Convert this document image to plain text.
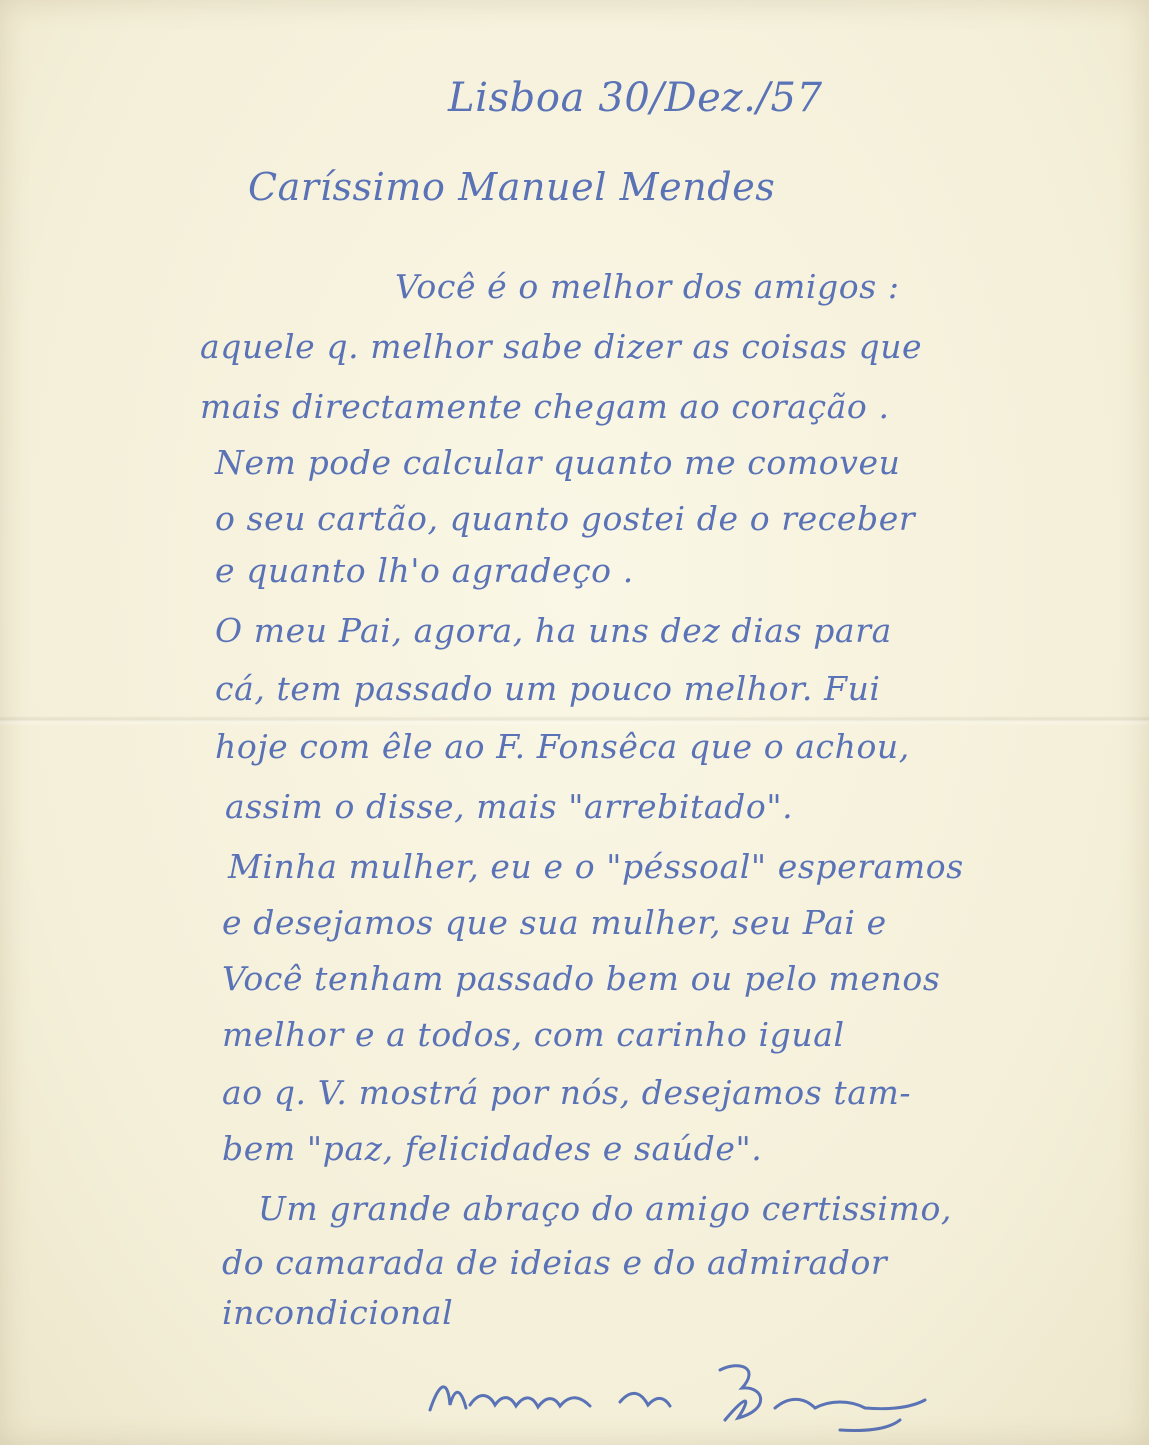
Lisboa 30/Dez./57
Caríssimo Manuel Mendes
Você é o melhor dos amigos :
aquele q. melhor sabe dizer as coisas que
mais directamente chegam ao coração .
Nem pode calcular quanto me comoveu
o seu cartão, quanto gostei de o receber
e quanto lh'o agradeço .
O meu Pai, agora, ha uns dez dias para
cá, tem passado um pouco melhor. Fui
hoje com êle ao F. Fonsêca que o achou,
assim o disse, mais "arrebitado".
Minha mulher, eu e o "péssoal" esperamos
e desejamos que sua mulher, seu Pai e
Você tenham passado bem ou pelo menos
melhor e a todos, com carinho igual
ao q. V. mostrá por nós, desejamos tam-
bem "paz, felicidades e saúde".
Um grande abraço do amigo certissimo,
do camarada de ideias e do admirador
incondicional
